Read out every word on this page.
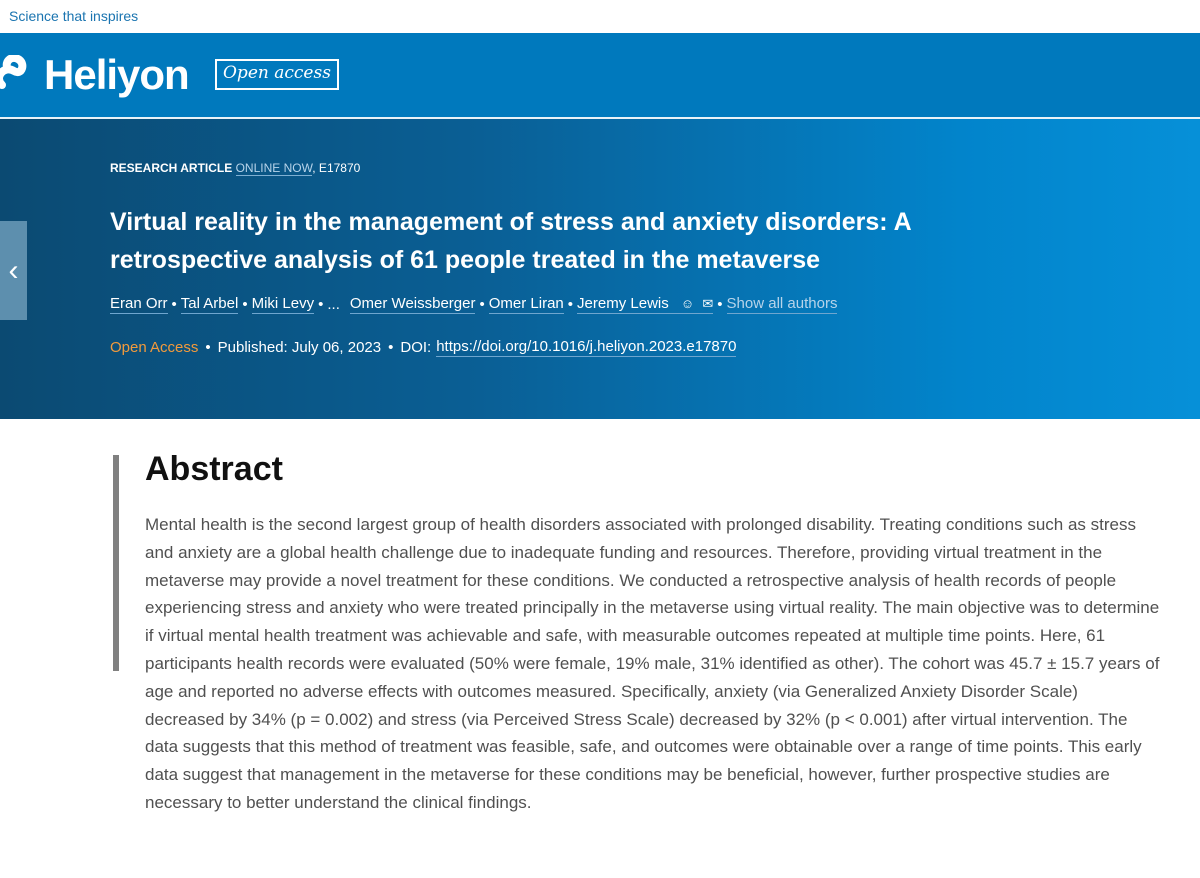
Science that inspires
Heliyon	Open access
‹
RESEARCH ARTICLE ONLINE NOW, E17870
Virtual reality in the management of stress and anxiety disorders: A retrospective analysis of 61 people treated in the metaverse
Eran Orr • Tal Arbel • Miki Levy • ... Omer Weissberger • Omer Liran • Jeremy Lewis ☺ ✉ • Show all authors
Open Access • Published: July 06, 2023 • DOI: https://doi.org/10.1016/j.heliyon.2023.e17870
Abstract

Mental health is the second largest group of health disorders associated with prolonged disability. Treating conditions such as stress and anxiety are a global health challenge due to inadequate funding and resources. Therefore, providing virtual treatment in the metaverse may provide a novel treatment for these conditions. We conducted a retrospective analysis of health records of people experiencing stress and anxiety who were treated principally in the metaverse using virtual reality. The main objective was to determine if virtual mental health treatment was achievable and safe, with measurable outcomes repeated at multiple time points. Here, 61 participants health records were evaluated (50% were female, 19% male, 31% identified as other). The cohort was 45.7 ± 15.7 years of age and reported no adverse effects with outcomes measured. Specifically, anxiety (via Generalized Anxiety Disorder Scale) decreased by 34% (p = 0.002) and stress (via Perceived Stress Scale) decreased by 32% (p < 0.001) after virtual intervention. The data suggests that this method of treatment was feasible, safe, and outcomes were obtainable over a range of time points. This early data suggest that management in the metaverse for these conditions may be beneficial, however, further prospective studies are necessary to better understand the clinical findings.
